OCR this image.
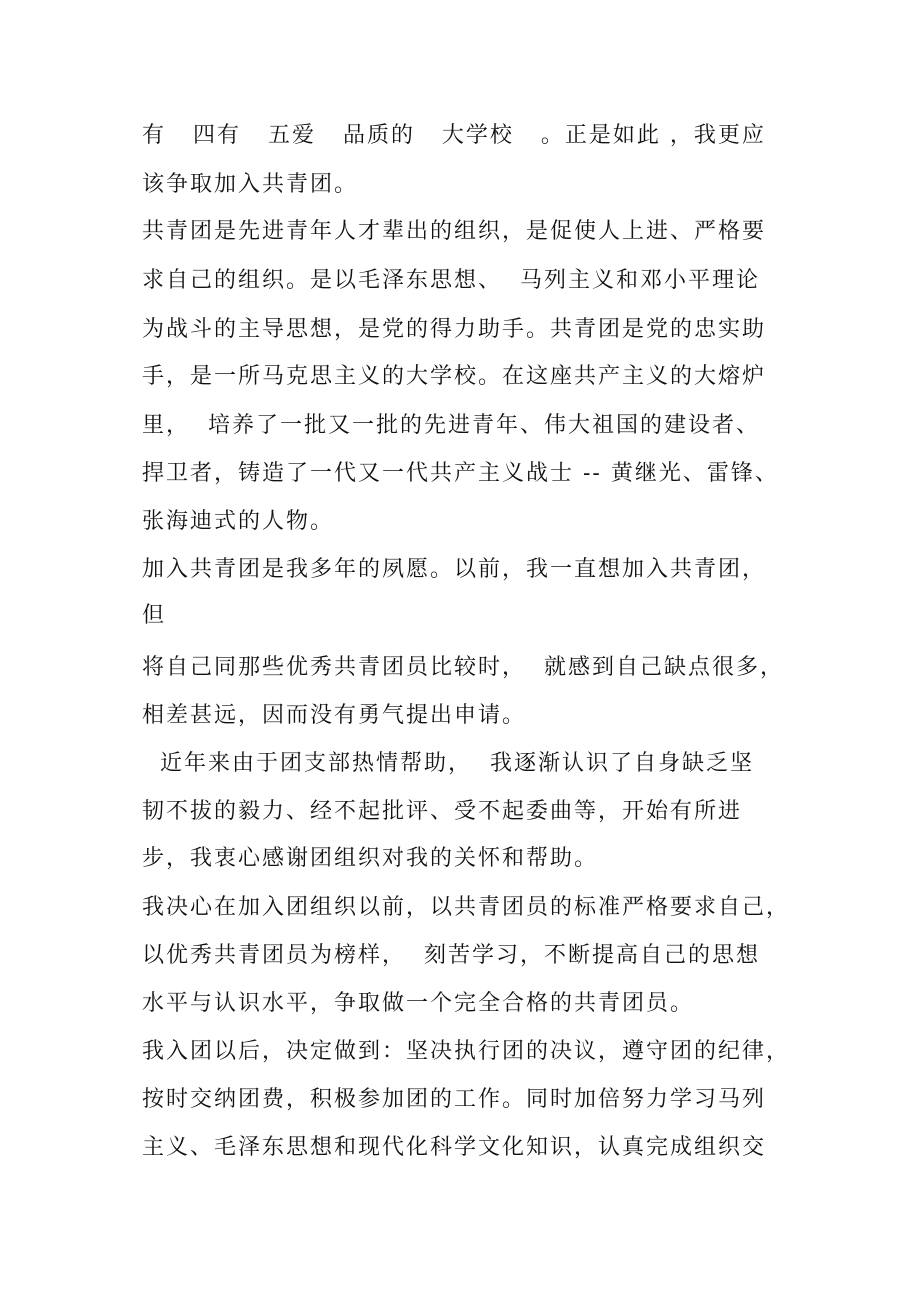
有   四有   五爱   品质的   大学校   。正是如此 ，我更应
该争取加入共青团。
共青团是先进青年人才辈出的组织，是促使人上进、严格要
求自己的组织。是以毛泽东思想、  马列主义和邓小平理论
为战斗的主导思想，是党的得力助手。共青团是党的忠实助
手，是一所马克思主义的大学校。在这座共产主义的大熔炉
里，  培养了一批又一批的先进青年、伟大祖国的建设者、
捍卫者，铸造了一代又一代共产主义战士 -- 黄继光、雷锋、
张海迪式的人物。
加入共青团是我多年的夙愿。以前，我一直想加入共青团，
但
将自己同那些优秀共青团员比较时，  就感到自己缺点很多，
相差甚远，因而没有勇气提出申请。
近年来由于团支部热情帮助，  我逐渐认识了自身缺乏坚
韧不拔的毅力、经不起批评、受不起委曲等，开始有所进
步，我衷心感谢团组织对我的关怀和帮助。
我决心在加入团组织以前，以共青团员的标准严格要求自己，
以优秀共青团员为榜样，  刻苦学习，不断提高自己的思想
水平与认识水平，争取做一个完全合格的共青团员。
我入团以后，决定做到：坚决执行团的决议，遵守团的纪律，
按时交纳团费，积极参加团的工作。同时加倍努力学习马列
主义、毛泽东思想和现代化科学文化知识，认真完成组织交
